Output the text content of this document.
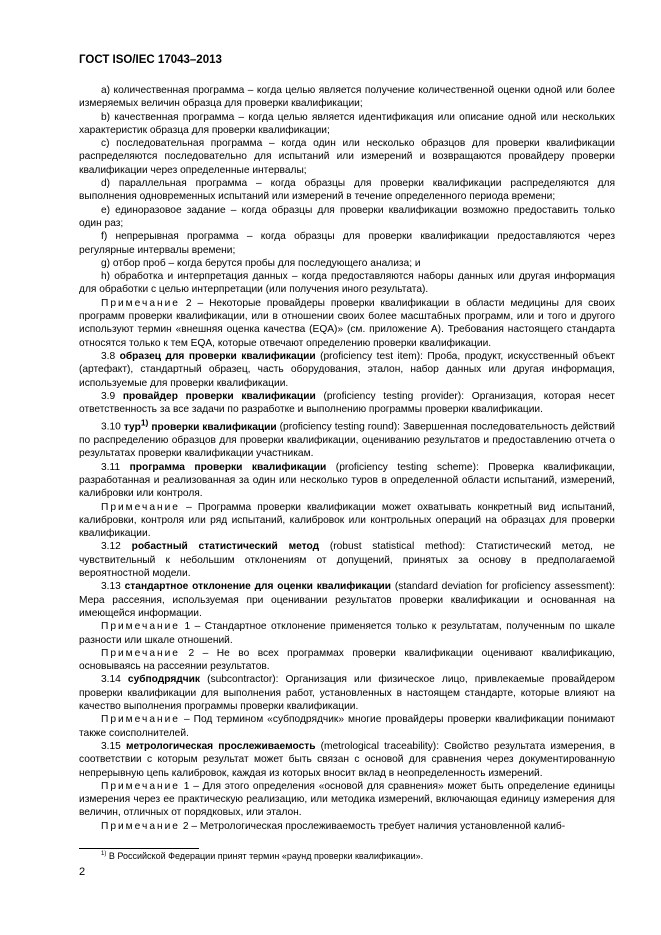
ГОСТ ISO/IEC 17043–2013

a) количественная программа – когда целью является получение количественной оценки одной или более измеряемых величин образца для проверки квалификации;

b) качественная программа – когда целью является идентификация или описание одной или нескольких характеристик образца для проверки квалификации;

c) последовательная программа – когда один или несколько образцов для проверки квалификации распределяются последовательно для испытаний или измерений и возвращаются провайдеру проверки квалификации через определенные интервалы;

d) параллельная программа – когда образцы для проверки квалификации распределяются для выполнения одновременных испытаний или измерений в течение определенного периода времени;

e) единоразовое задание – когда образцы для проверки квалификации возможно предоставить только один раз;

f) непрерывная программа – когда образцы для проверки квалификации предоставляются через регулярные интервалы времени;

g) отбор проб – когда берутся пробы для последующего анализа; и

h) обработка и интерпретация данных – когда предоставляются наборы данных или другая информация для обработки с целью интерпретации (или получения иного результата).

Примечание 2 – Некоторые провайдеры проверки квалификации в области медицины для своих программ проверки квалификации, или в отношении своих более масштабных программ, или и того и другого используют термин «внешняя оценка качества (EQA)» (см. приложение А). Требования настоящего стандарта относятся только к тем EQA, которые отвечают определению проверки квалификации.

3.8 образец для проверки квалификации (proficiency test item): Проба, продукт, искусственный объект (артефакт), стандартный образец, часть оборудования, эталон, набор данных или другая информация, используемые для проверки квалификации.

3.9 провайдер проверки квалификации (proficiency testing provider): Организация, которая несет ответственность за все задачи по разработке и выполнению программы проверки квалификации.

3.10 тур$^{1)}$ проверки квалификации (proficiency testing round): Завершенная последовательность действий по распределению образцов для проверки квалификации, оцениванию результатов и предоставлению отчета о результатах проверки квалификации участникам.

3.11 программа проверки квалификации (proficiency testing scheme): Проверка квалификации, разработанная и реализованная за один или несколько туров в определенной области испытаний, измерений, калибровки или контроля.

Примечание – Программа проверки квалификации может охватывать конкретный вид испытаний, калибровки, контроля или ряд испытаний, калибровок или контрольных операций на образцах для проверки квалификации.

3.12 робастный статистический метод (robust statistical method): Статистический метод, не чувствительный к небольшим отклонениям от допущений, принятых за основу в предполагаемой вероятностной модели.

3.13 стандартное отклонение для оценки квалификации (standard deviation for proficiency assessment): Мера рассеяния, используемая при оценивании результатов проверки квалификации и основанная на имеющейся информации.

Примечание 1 – Стандартное отклонение применяется только к результатам, полученным по шкале разности или шкале отношений.

Примечание 2 – Не во всех программах проверки квалификации оценивают квалификацию, основываясь на рассеянии результатов.

3.14 субподрядчик (subcontractor): Организация или физическое лицо, привлекаемые провайдером проверки квалификации для выполнения работ, установленных в настоящем стандарте, которые влияют на качество выполнения программы проверки квалификации.

Примечание – Под термином «субподрядчик» многие провайдеры проверки квалификации понимают также соисполнителей.

3.15 метрологическая прослеживаемость (metrological traceability): Свойство результата измерения, в соответствии с которым результат может быть связан с основой для сравнения через документированную непрерывную цепь калибровок, каждая из которых вносит вклад в неопределенность измерений.

Примечание 1 – Для этого определения «основой для сравнения» может быть определение единицы измерения через ее практическую реализацию, или методика измерений, включающая единицу измерения для величин, отличных от порядковых, или эталон.

Примечание 2 – Метрологическая прослеживаемость требует наличия установленной калиб-

$^{1)}$ В Российской Федерации принят термин «раунд проверки квалификации».
2
